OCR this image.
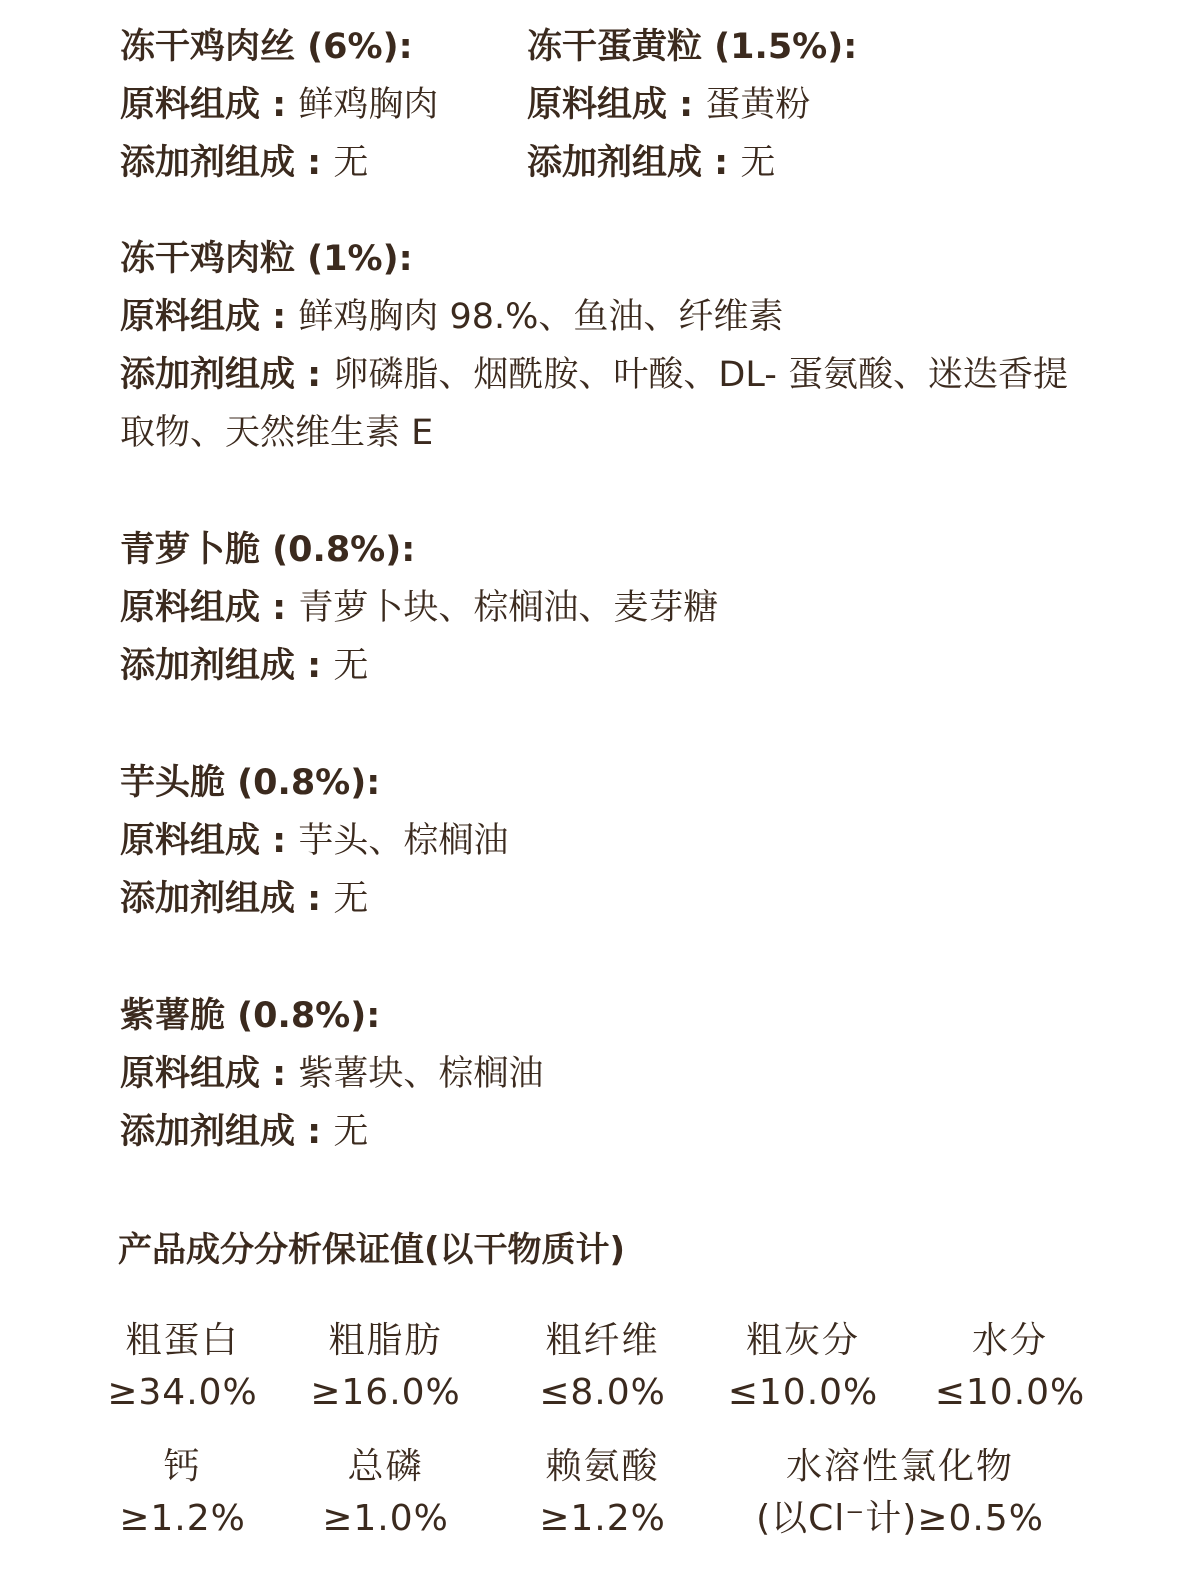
冻干鸡肉丝 (6%):
原料组成 : 鲜鸡胸肉
添加剂组成 : 无
冻干蛋黄粒 (1.5%):
原料组成 : 蛋黄粉
添加剂组成 : 无
冻干鸡肉粒 (1%):
原料组成 : 鲜鸡胸肉 98.%、鱼油、纤维素
添加剂组成 : 卵磷脂、烟酰胺、叶酸、DL- 蛋氨酸、迷迭香提取物、天然维生素 E
青萝卜脆 (0.8%):
原料组成 : 青萝卜块、棕榈油、麦芽糖
添加剂组成 : 无
芋头脆 (0.8%):
原料组成 : 芋头、棕榈油
添加剂组成 : 无
紫薯脆 (0.8%):
原料组成 : 紫薯块、棕榈油
添加剂组成 : 无
产品成分分析保证值(以干物质计)
粗蛋白
≥34.0%
粗脂肪
≥16.0%
粗纤维
≤8.0%
粗灰分
≤10.0%
水分
≤10.0%
钙
≥1.2%
总磷
≥1.0%
赖氨酸
≥1.2%
水溶性氯化物
(以Cl⁻计)≥0.5%
